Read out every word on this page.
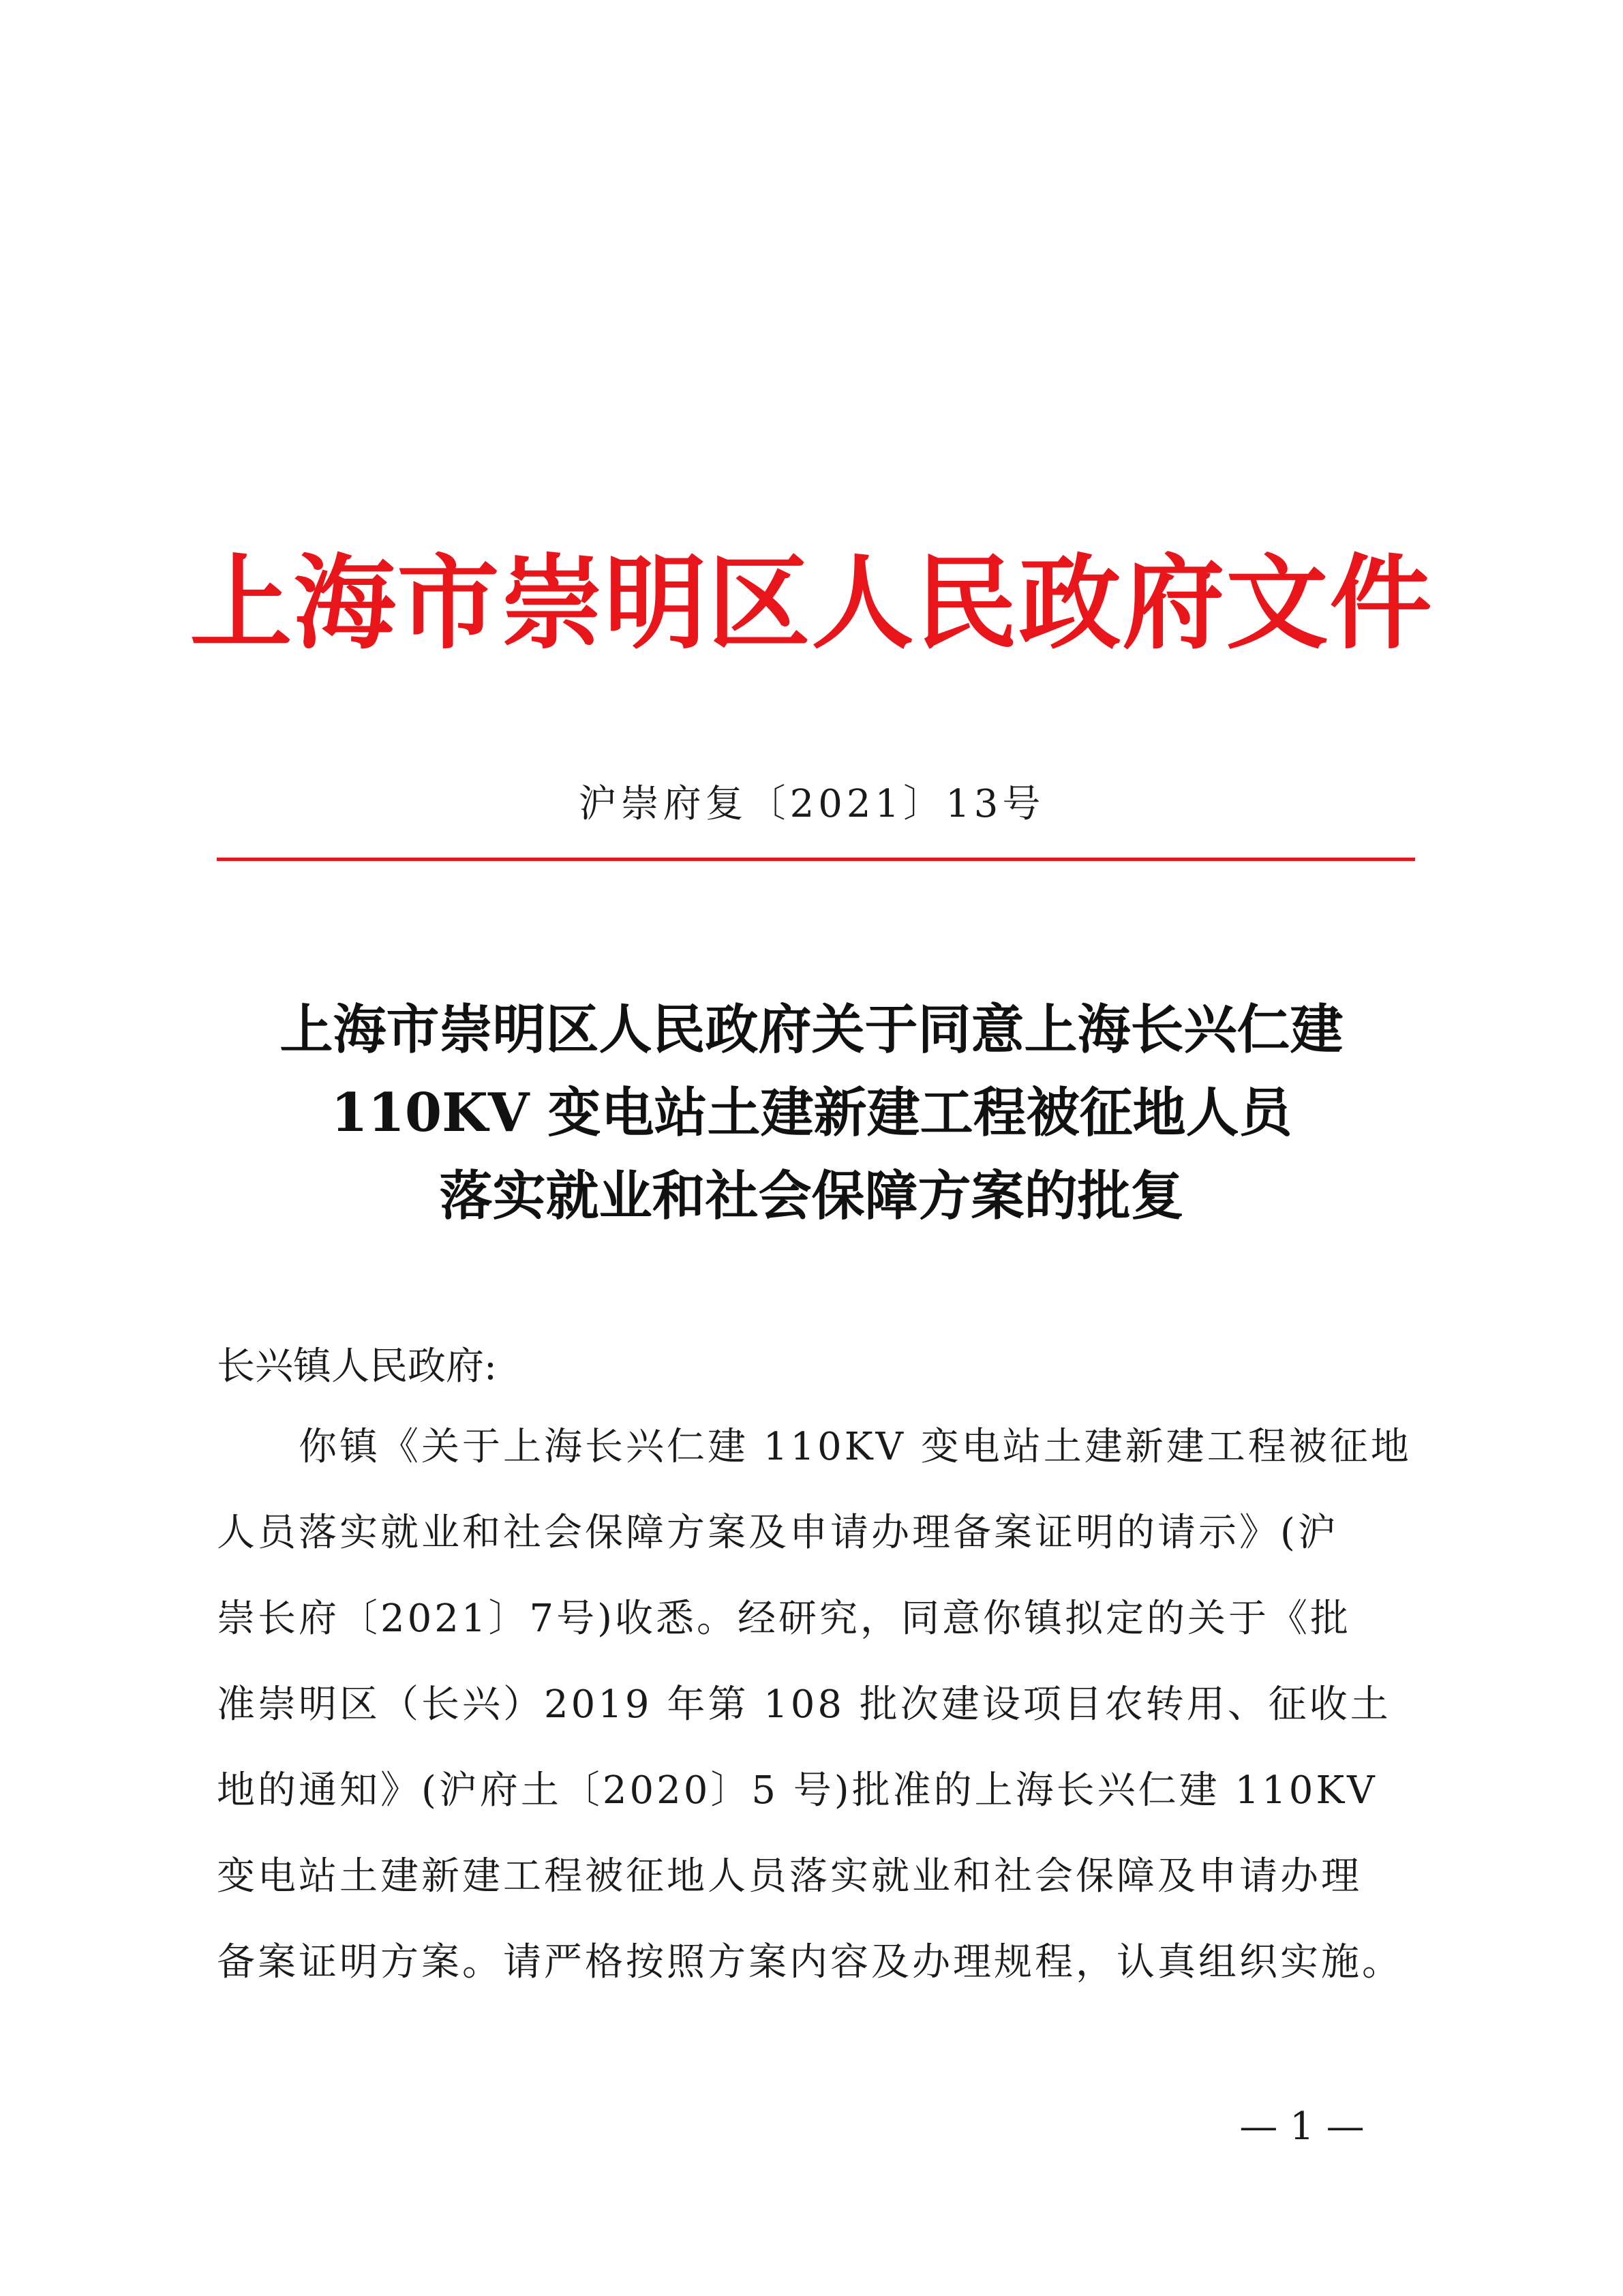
上海市崇明区人民政府文件
沪崇府复〔2021〕13号
上海市崇明区人民政府关于同意上海长兴仁建
110KV 变电站土建新建工程被征地人员
落实就业和社会保障方案的批复
长兴镇人民政府:
　　你镇《关于上海长兴仁建 110KV 变电站土建新建工程被征地
人员落实就业和社会保障方案及申请办理备案证明的请示》(沪
崇长府〔2021〕7号)收悉。经研究，同意你镇拟定的关于《批
准崇明区（长兴）2019 年第 108 批次建设项目农转用、征收土
地的通知》(沪府土〔2020〕5 号)批准的上海长兴仁建 110KV
变电站土建新建工程被征地人员落实就业和社会保障及申请办理
备案证明方案。请严格按照方案内容及办理规程，认真组织实施。
— 1 —
